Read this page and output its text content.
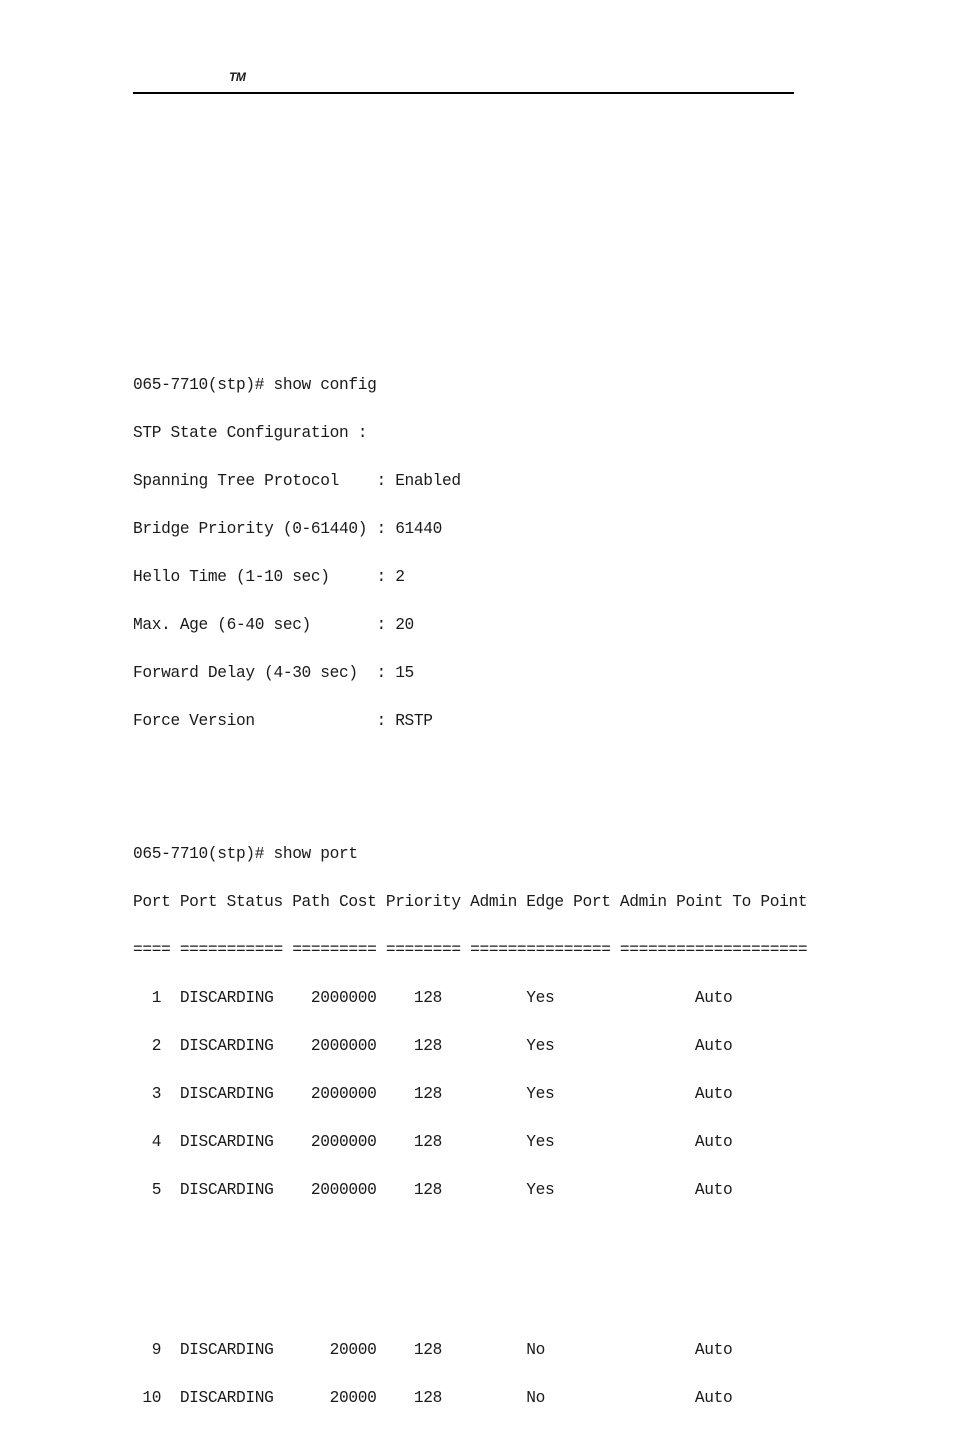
TM

065-7710(stp)# show config

STP State Configuration :

Spanning Tree Protocol    : Enabled

Bridge Priority (0-61440) : 61440

Hello Time (1-10 sec)     : 2

Max. Age (6-40 sec)       : 20

Forward Delay (4-30 sec)  : 15

Force Version             : RSTP

065-7710(stp)# show port

Port Port Status Path Cost Priority Admin Edge Port Admin Point To Point

==== =========== ========= ======== =============== ====================

1  DISCARDING    2000000    128         Yes               Auto

2  DISCARDING    2000000    128         Yes               Auto

3  DISCARDING    2000000    128         Yes               Auto

4  DISCARDING    2000000    128         Yes               Auto

5  DISCARDING    2000000    128         Yes               Auto

9  DISCARDING      20000    128         No                Auto

10  DISCARDING      20000    128         No                Auto
